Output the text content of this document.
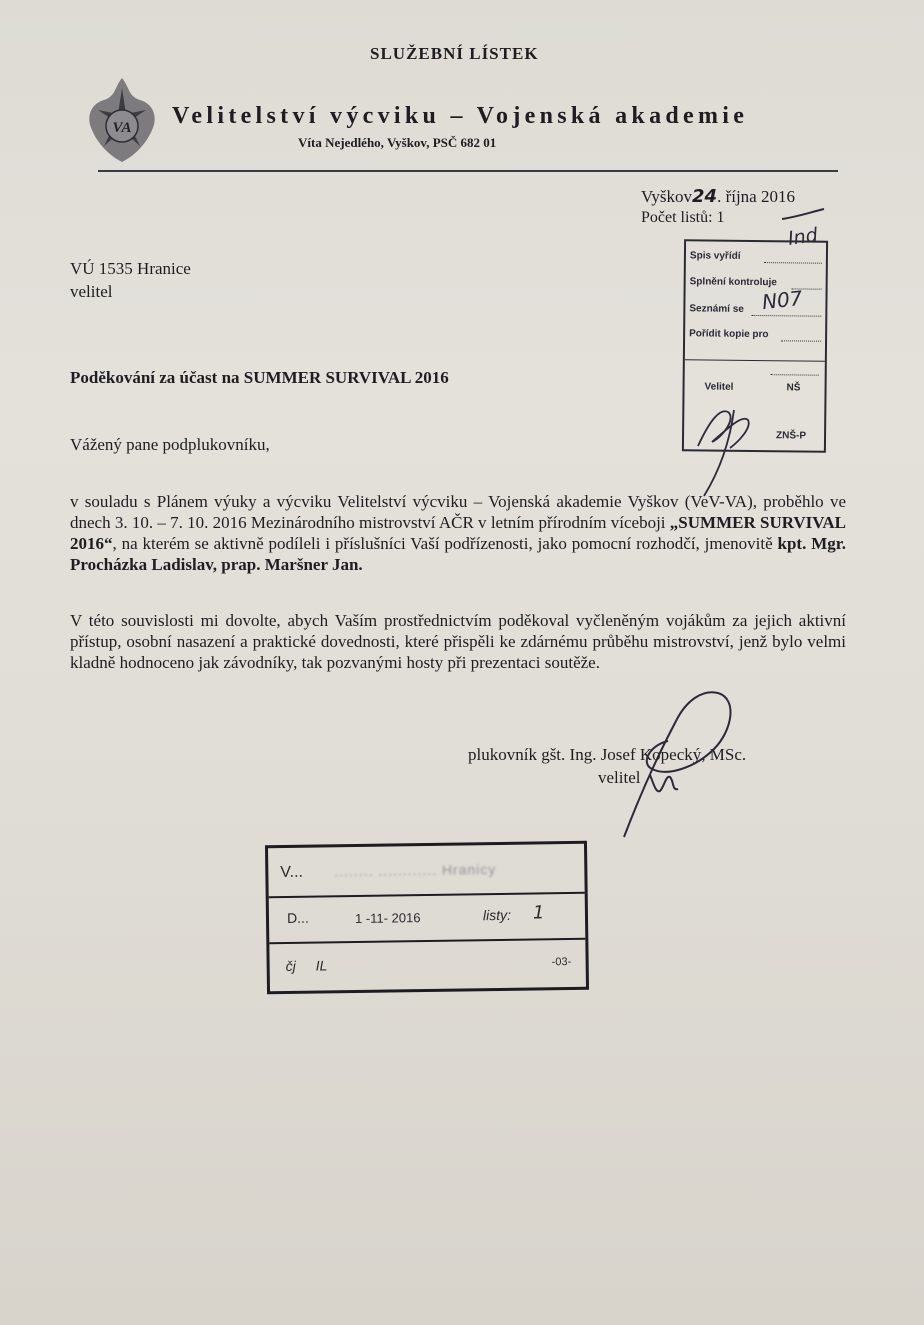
SLUŽEBNÍ LÍSTEK
VA Velitelství výcviku – Vojenská akademie
Víta Nejedlého, Vyškov, PSČ 682 01
Vyškov24. října 2016
Počet listů: 1
VÚ 1535 Hranice
velitel
Poděkování za účast na SUMMER SURVIVAL 2016
Vážený pane podplukovníku,
v souladu s Plánem výuky a výcviku Velitelství výcviku – Vojenská akademie Vyškov (VeV-VA), proběhlo ve dnech 3. 10. – 7. 10. 2016 Mezinárodního mistrovství AČR v letním přírodním víceboji „SUMMER SURVIVAL 2016“, na kterém se aktivně podíleli i příslušníci Vaší podřízenosti, jako pomocní rozhodčí, jmenovitě kpt. Mgr. Procházka Ladislav, prap. Maršner Jan.
V této souvislosti mi dovolte, abych Vaším prostřednictvím poděkoval vyčleněným vojákům za jejich aktivní přístup, osobní nasazení a praktické dovednosti, které přispěli ke zdárnému průběhu mistrovství, jenž bylo velmi kladně hodnoceno jak závodníky, tak pozvanými hosty při prezentaci soutěže.
plukovník gšt. Ing. Josef Kopecký, MSc.
velitel
Spis vyřídí
Splnění kontroluje
Seznámí se
Pořídit kopie pro
Velitel	NŠ
ZNŠ-P
Ind
N07
V... ........ ............ Hranicy
D...	1 -11- 2016	listy: 1
čj IL	-03-
